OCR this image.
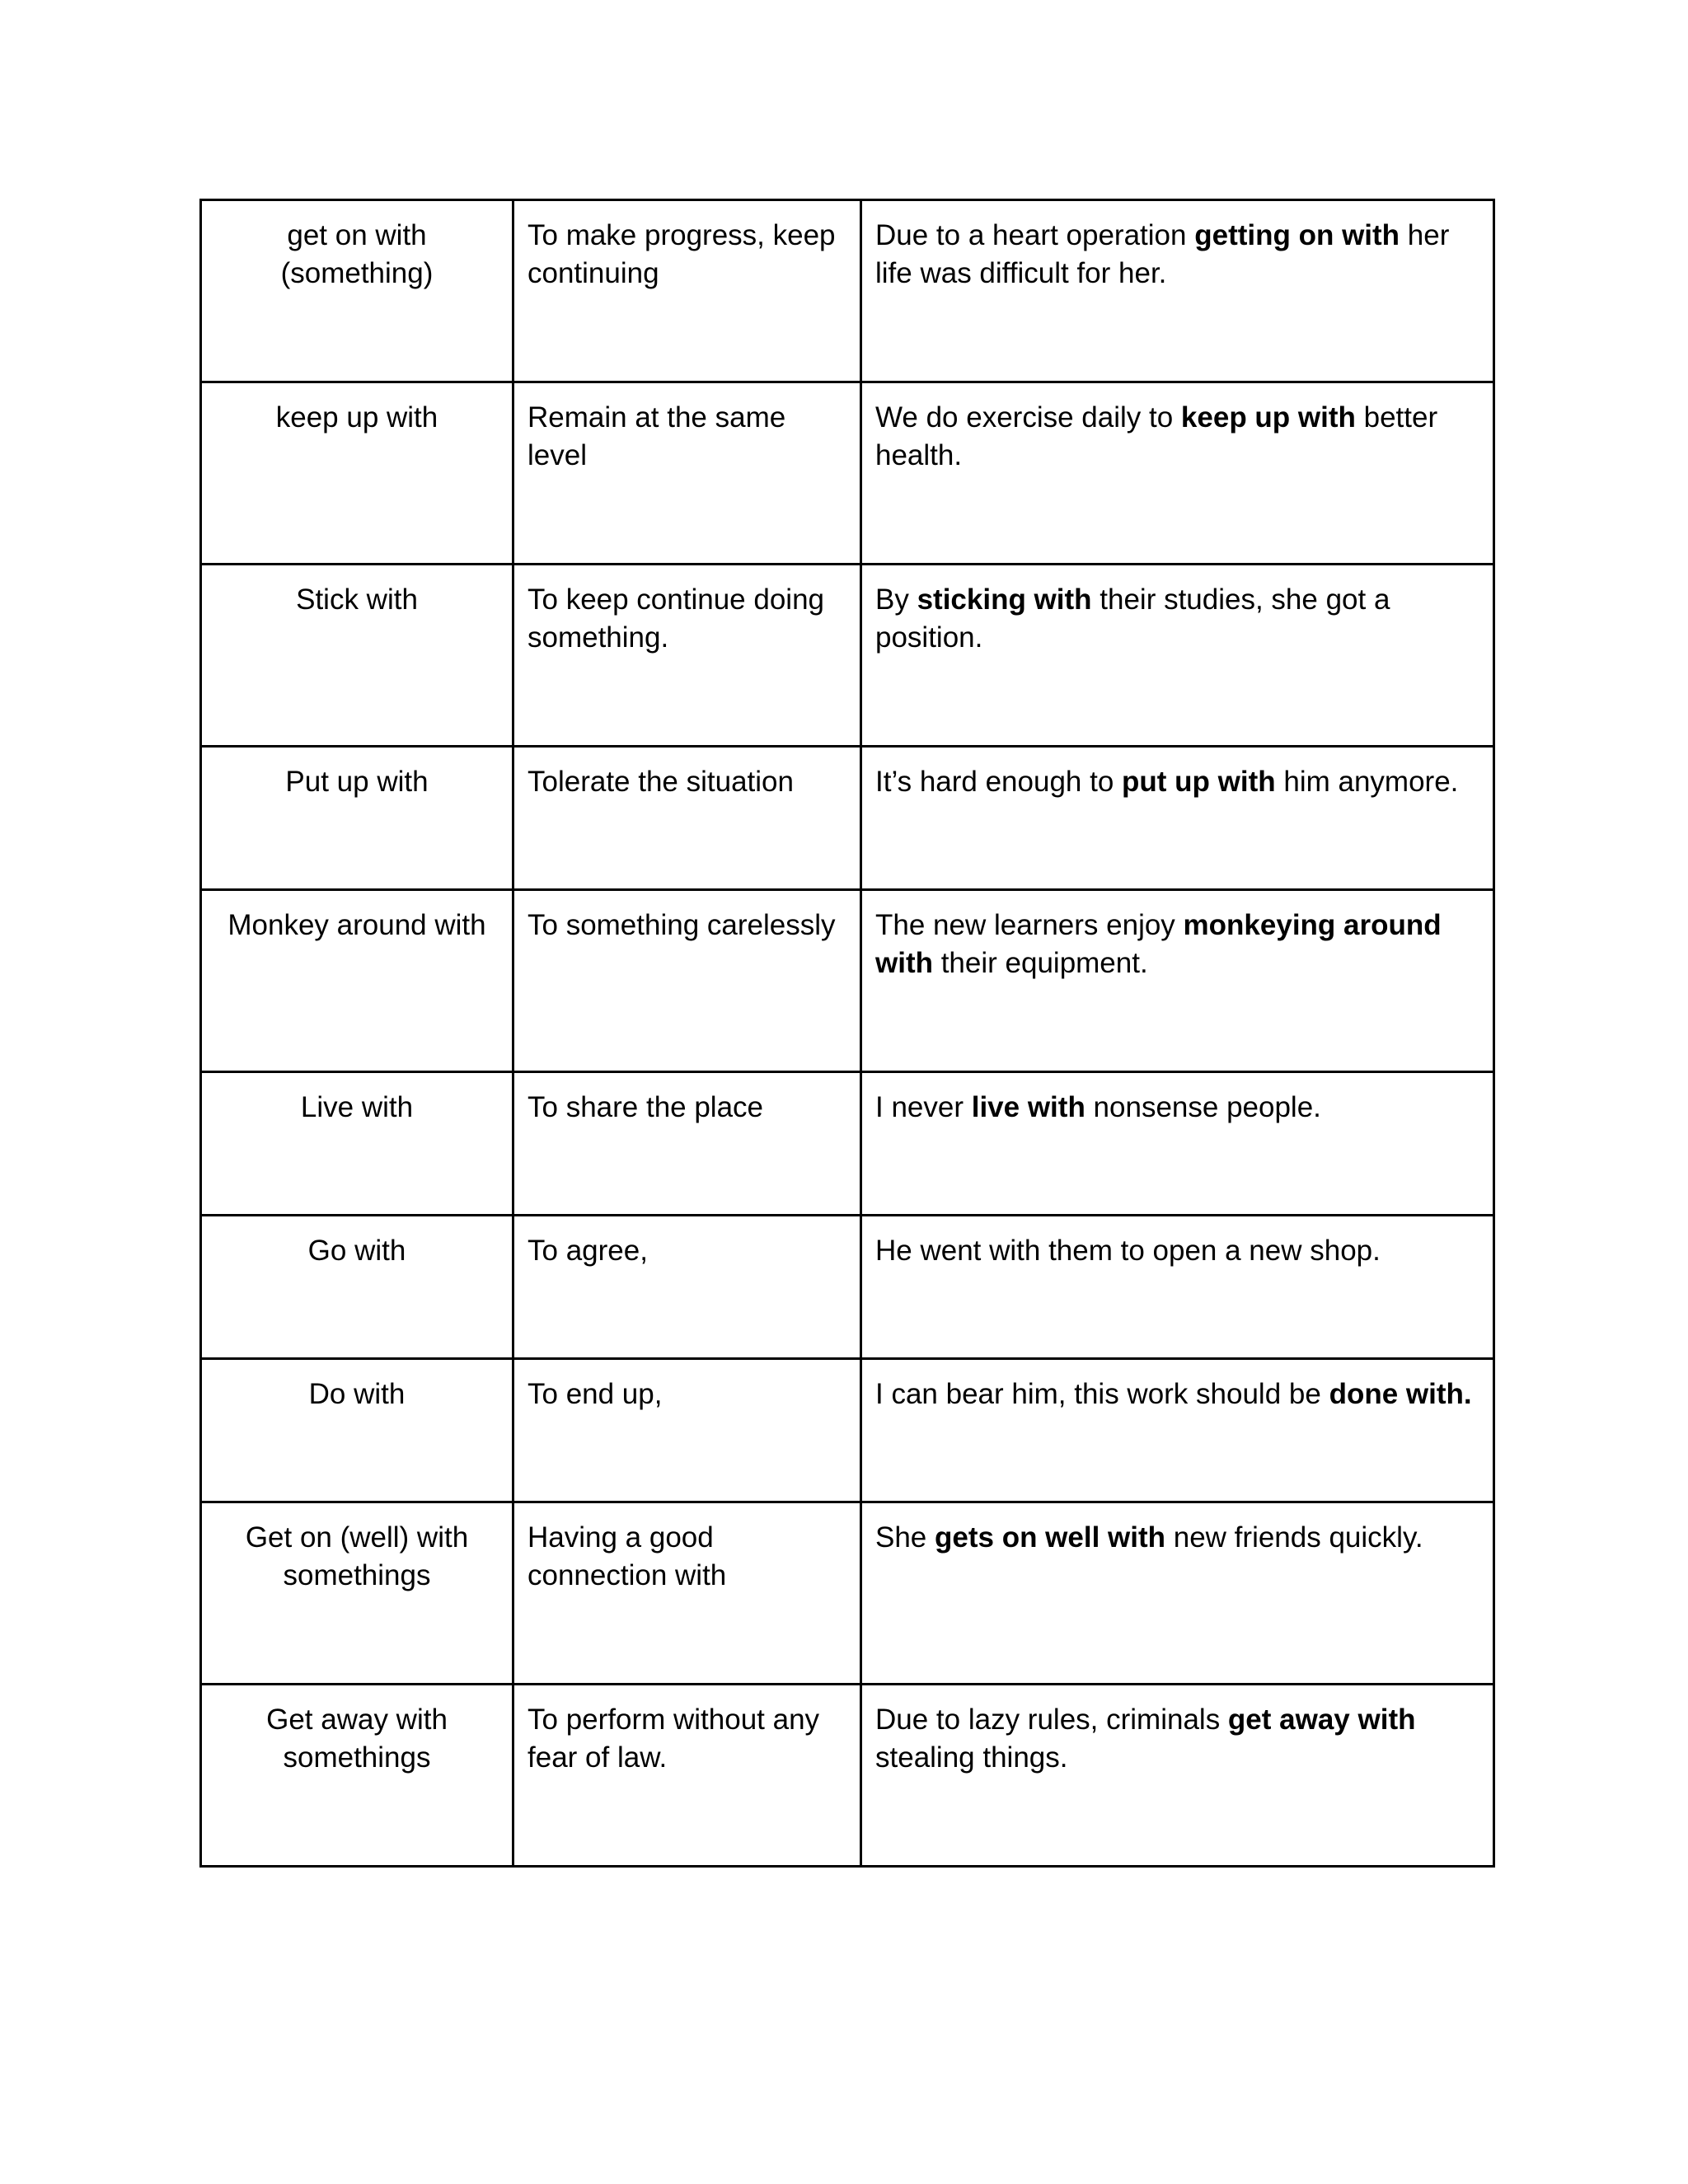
get on with (something)	To make progress, keep continuing	Due to a heart operation getting on with her life was difficult for her.
keep up with	Remain at the same level	We do exercise daily to keep up with better health.
Stick with	To keep continue doing something.	By sticking with their studies, she got a position.
Put up with	Tolerate the situation	It’s hard enough to put up with him anymore.
Monkey around with	To something carelessly	The new learners enjoy monkeying around with their equipment.
Live with	To share the place	I never live with nonsense people.
Go with	To agree,	He went with them to open a new shop.
Do with	To end up,	I can bear him, this work should be done with.
Get on (well) with somethings	Having a good connection with	She gets on well with new friends quickly.
Get away with somethings	To perform without any fear of law.	Due to lazy rules, criminals get away with stealing things.
